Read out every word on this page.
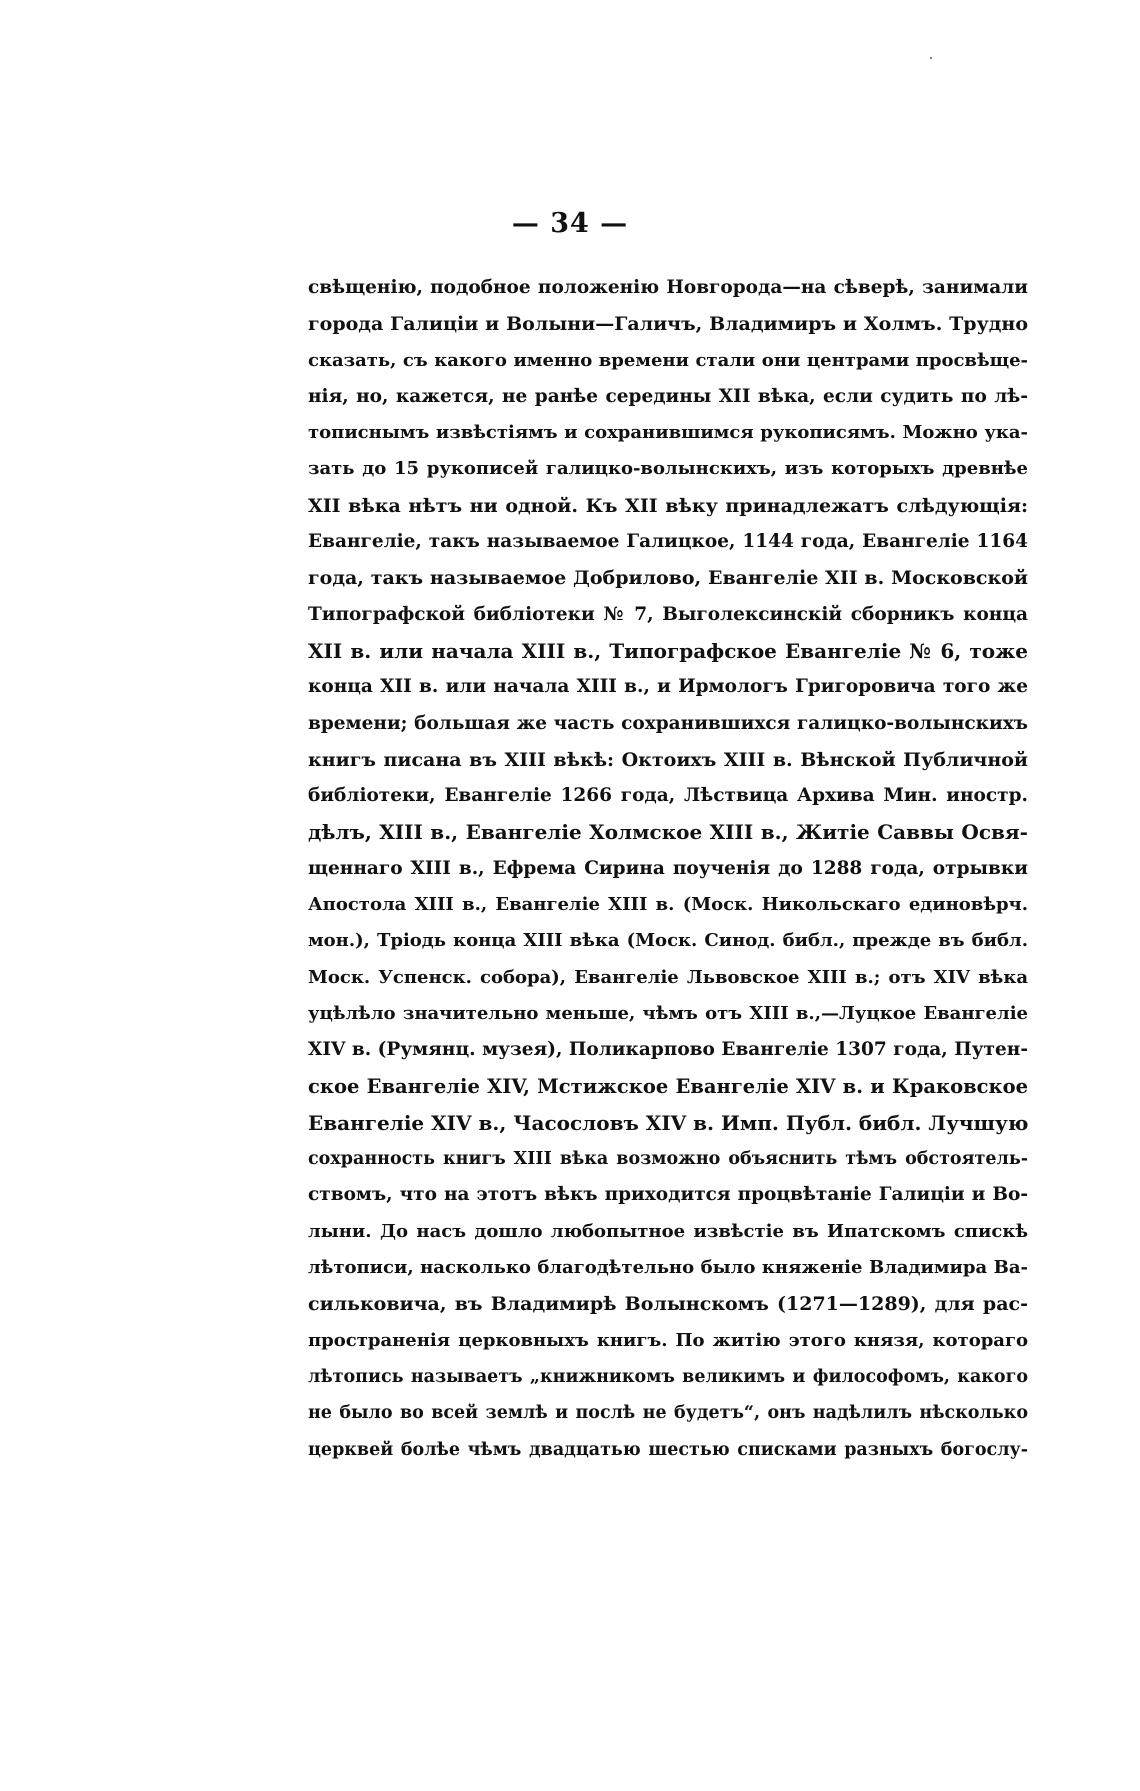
— 34 —
свѣщенію, подобное положенію Новгорода—на сѣверѣ, занимали
города Галиціи и Волыни—Галичъ, Владимиръ и Холмъ. Трудно
сказать, съ какого именно времени стали они центрами просвѣще-
нія, но, кажется, не ранѣе середины XII вѣка, если судить по лѣ-
тописнымъ извѣстіямъ и сохранившимся рукописямъ. Можно ука-
зать до 15 рукописей галицко-волынскихъ, изъ которыхъ древнѣе
XII вѣка нѣтъ ни одной. Къ XII вѣку принадлежатъ слѣдующія:
Евангеліе, такъ называемое Галицкое, 1144 года, Евангеліе 1164
года, такъ называемое Добрилово, Евангеліе XII в. Московской
Типографской библіотеки № 7, Выголексинскій сборникъ конца
XII в. или начала XIII в., Типографское Евангеліе № 6, тоже
конца XII в. или начала XIII в., и Ирмологъ Григоровича того же
времени; большая же часть сохранившихся галицко-волынскихъ
книгъ писана въ XIII вѣкѣ: Октоихъ XIII в. Вѣнской Публичной
библіотеки, Евангеліе 1266 года, Лѣствица Архива Мин. иностр.
дѣлъ, XIII в., Евангеліе Холмское XIII в., Житіе Саввы Освя-
щеннаго XIII в., Ефрема Сирина поученія до 1288 года, отрывки
Апостола XIII в., Евангеліе XIII в. (Моск. Никольскаго единовѣрч.
мон.), Тріодь конца XIII вѣка (Моск. Синод. библ., прежде въ библ.
Моск. Успенск. собора), Евангеліе Львовское XIII в.; отъ XIV вѣка
уцѣлѣло значительно меньше, чѣмъ отъ XIII в.,—Луцкое Евангеліе
XIV в. (Румянц. музея), Поликарпово Евангеліе 1307 года, Путен-
ское Евангеліе XIV, Мстижское Евангеліе XIV в. и Краковское
Евангеліе XIV в., Часословъ XIV в. Имп. Публ. библ. Лучшую
сохранность книгъ XIII вѣка возможно объяснить тѣмъ обстоятель-
ствомъ, что на этотъ вѣкъ приходится процвѣтаніе Галиціи и Во-
лыни. До насъ дошло любопытное извѣстіе въ Ипатскомъ спискѣ
лѣтописи, насколько благодѣтельно было княженіе Владимира Ва-
сильковича, въ Владимирѣ Волынскомъ (1271—1289), для рас-
пространенія церковныхъ книгъ. По житію этого князя, котораго
лѣтопись называетъ „книжникомъ великимъ и философомъ, какого
не было во всей землѣ и послѣ не будетъ“, онъ надѣлилъ нѣсколько
церквей болѣе чѣмъ двадцатью шестью списками разныхъ богослу-
